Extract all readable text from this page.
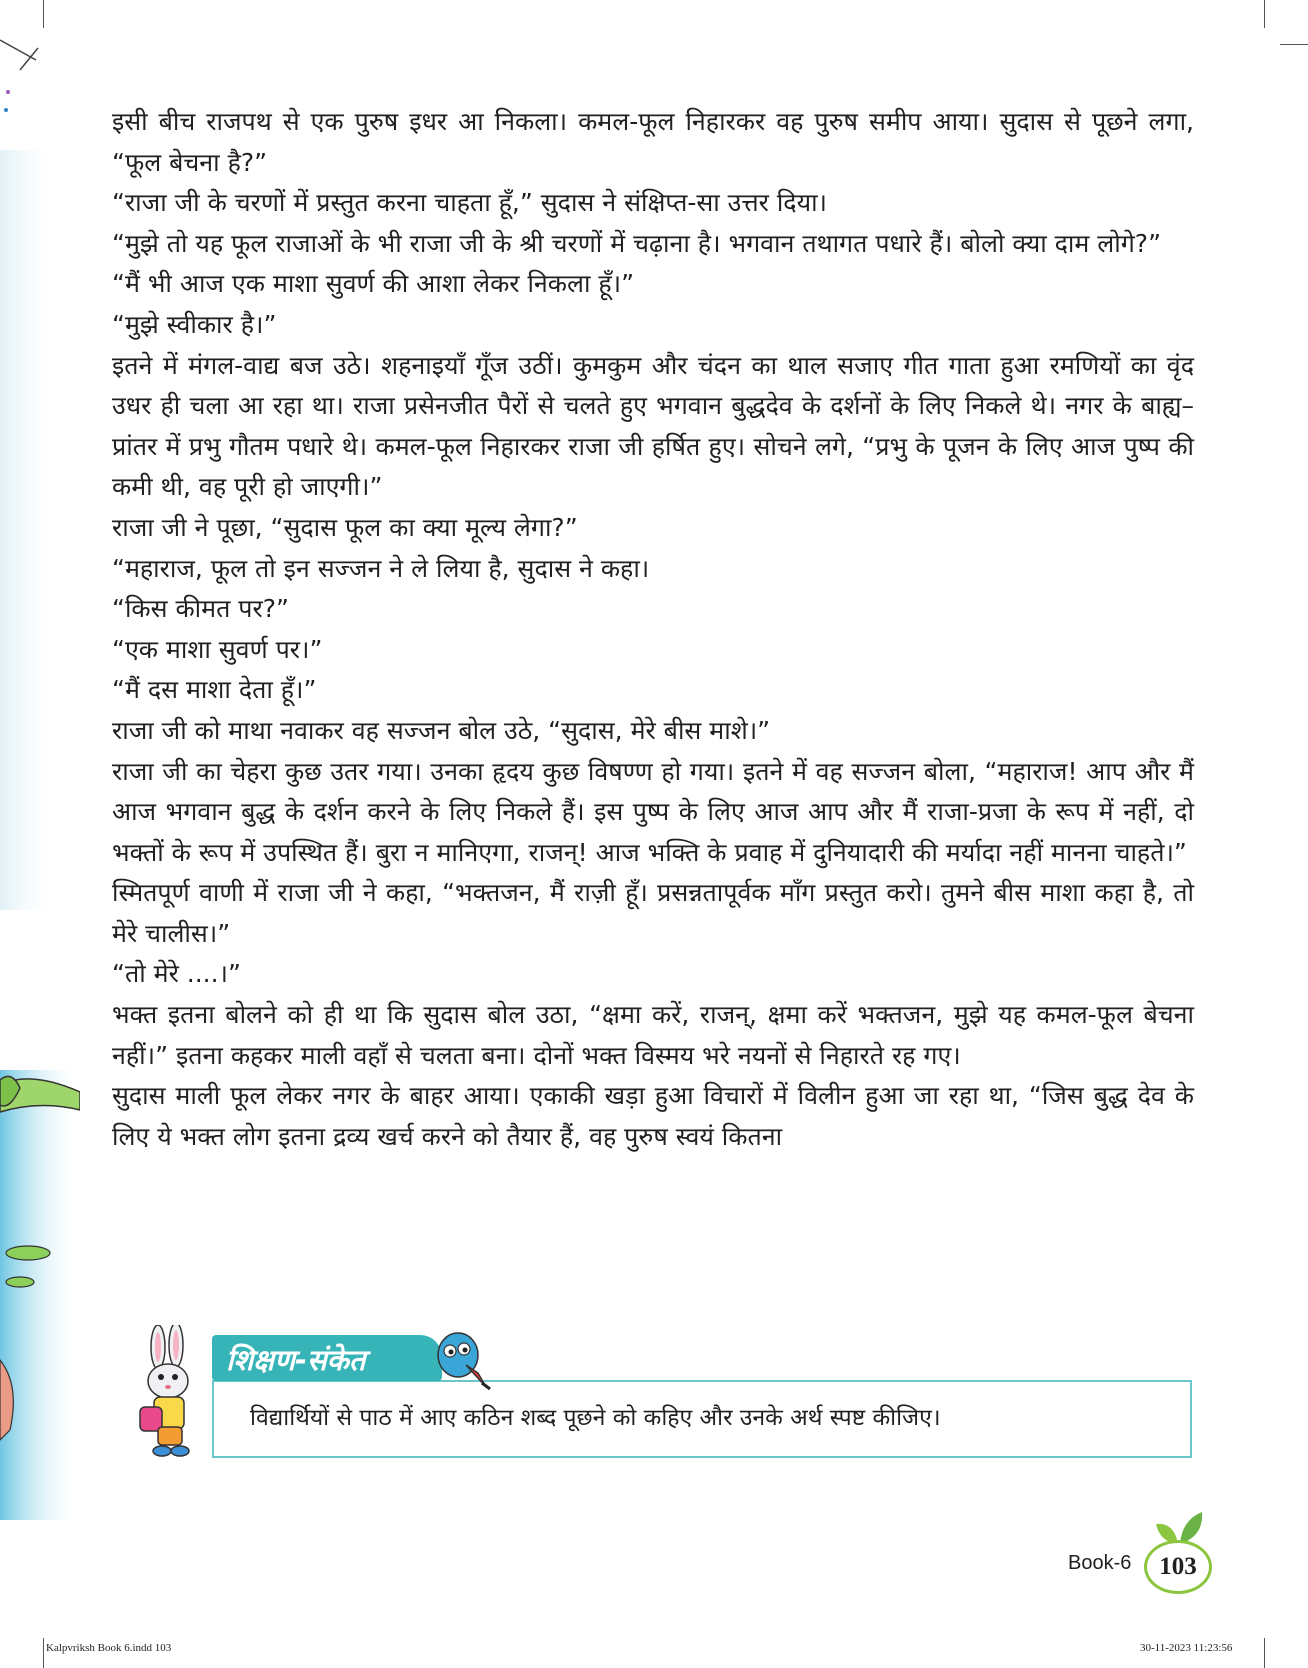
इसी बीच राजपथ से एक पुरुष इधर आ निकला। कमल-फूल निहारकर वह पुरुष समीप आया। सुदास से पूछने लगा, “फूल बेचना है?”

“राजा जी के चरणों में प्रस्तुत करना चाहता हूँ,” सुदास ने संक्षिप्त-सा उत्तर दिया।

“मुझे तो यह फूल राजाओं के भी राजा जी के श्री चरणों में चढ़ाना है। भगवान तथागत पधारे हैं। बोलो क्या दाम लोगे?”

“मैं भी आज एक माशा सुवर्ण की आशा लेकर निकला हूँ।”

“मुझे स्वीकार है।”

इतने में मंगल-वाद्य बज उठे। शहनाइयाँ गूँज उठीं। कुमकुम और चंदन का थाल सजाए गीत गाता हुआ रमणियों का वृंद उधर ही चला आ रहा था। राजा प्रसेनजीत पैरों से चलते हुए भगवान बुद्धदेव के दर्शनों के लिए निकले थे। नगर के बाह्य– प्रांतर में प्रभु गौतम पधारे थे। कमल-फूल निहारकर राजा जी हर्षित हुए। सोचने लगे, “प्रभु के पूजन के लिए आज पुष्प की कमी थी, वह पूरी हो जाएगी।”

राजा जी ने पूछा, “सुदास फूल का क्या मूल्य लेगा?”

“महाराज, फूल तो इन सज्जन ने ले लिया है, सुदास ने कहा।

“किस कीमत पर?”

“एक माशा सुवर्ण पर।”

“मैं दस माशा देता हूँ।”

राजा जी को माथा नवाकर वह सज्जन बोल उठे, “सुदास, मेरे बीस माशे।”

राजा जी का चेहरा कुछ उतर गया। उनका हृदय कुछ विषण्ण हो गया। इतने में वह सज्जन बोला, “महाराज! आप और मैं आज भगवान बुद्ध के दर्शन करने के लिए निकले हैं। इस पुष्प के लिए आज आप और मैं राजा-प्रजा के रूप में नहीं, दो भक्तों के रूप में उपस्थित हैं। बुरा न मानिएगा, राजन्! आज भक्ति के प्रवाह में दुनियादारी की मर्यादा नहीं मानना चाहते।”

स्मितपूर्ण वाणी में राजा जी ने कहा, “भक्तजन, मैं राज़ी हूँ। प्रसन्नतापूर्वक माँग प्रस्तुत करो। तुमने बीस माशा कहा है, तो मेरे चालीस।”

“तो मेरे ....।”

भक्त इतना बोलने को ही था कि सुदास बोल उठा, “क्षमा करें, राजन्, क्षमा करें भक्तजन, मुझे यह कमल-फूल बेचना नहीं।” इतना कहकर माली वहाँ से चलता बना। दोनों भक्त विस्मय भरे नयनों से निहारते रह गए।

सुदास माली फूल लेकर नगर के बाहर आया। एकाकी खड़ा हुआ विचारों में विलीन हुआ जा रहा था, “जिस बुद्ध देव के लिए ये भक्त लोग इतना द्रव्य खर्च करने को तैयार हैं, वह पुरुष स्वयं कितना

विद्यार्थियों से पाठ में आए कठिन शब्द पूछने को कहिए और उनके अर्थ स्पष्ट कीजिए।
शिक्षण-संकेत
Book-6	103
Kalpvriksh Book 6.indd 103	30-11-2023 11:23:56
